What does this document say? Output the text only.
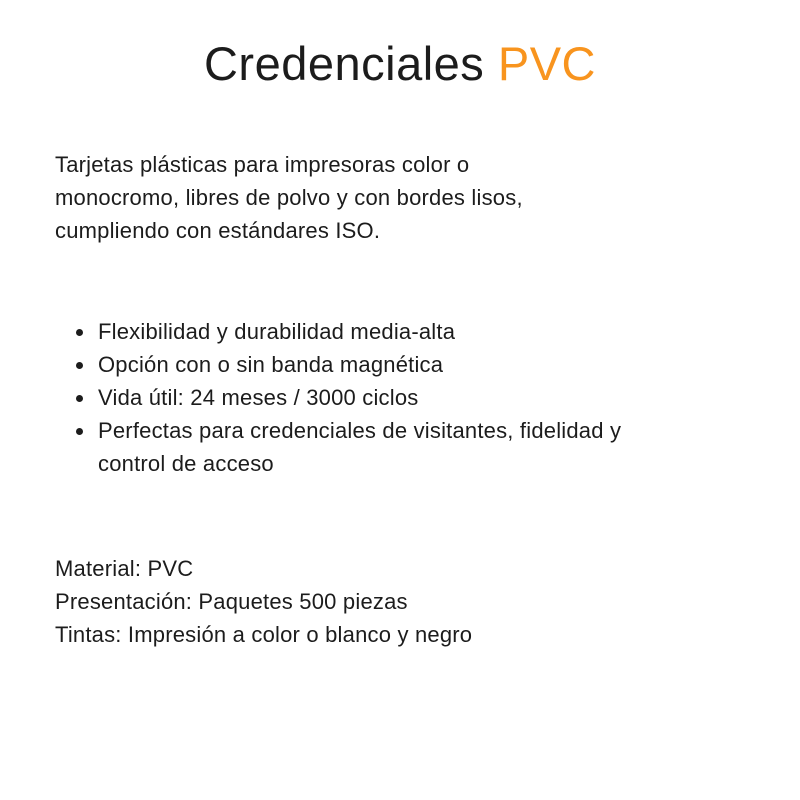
Credenciales PVC

Tarjetas plásticas para impresoras color o monocromo, libres de polvo y con bordes lisos, cumpliendo con estándares ISO.

• Flexibilidad y durabilidad media-alta
• Opción con o sin banda magnética
• Vida útil: 24 meses / 3000 ciclos
• Perfectas para credenciales de visitantes, fidelidad y control de acceso
Material: PVC
Presentación: Paquetes 500 piezas
Tintas: Impresión a color o blanco y negro
